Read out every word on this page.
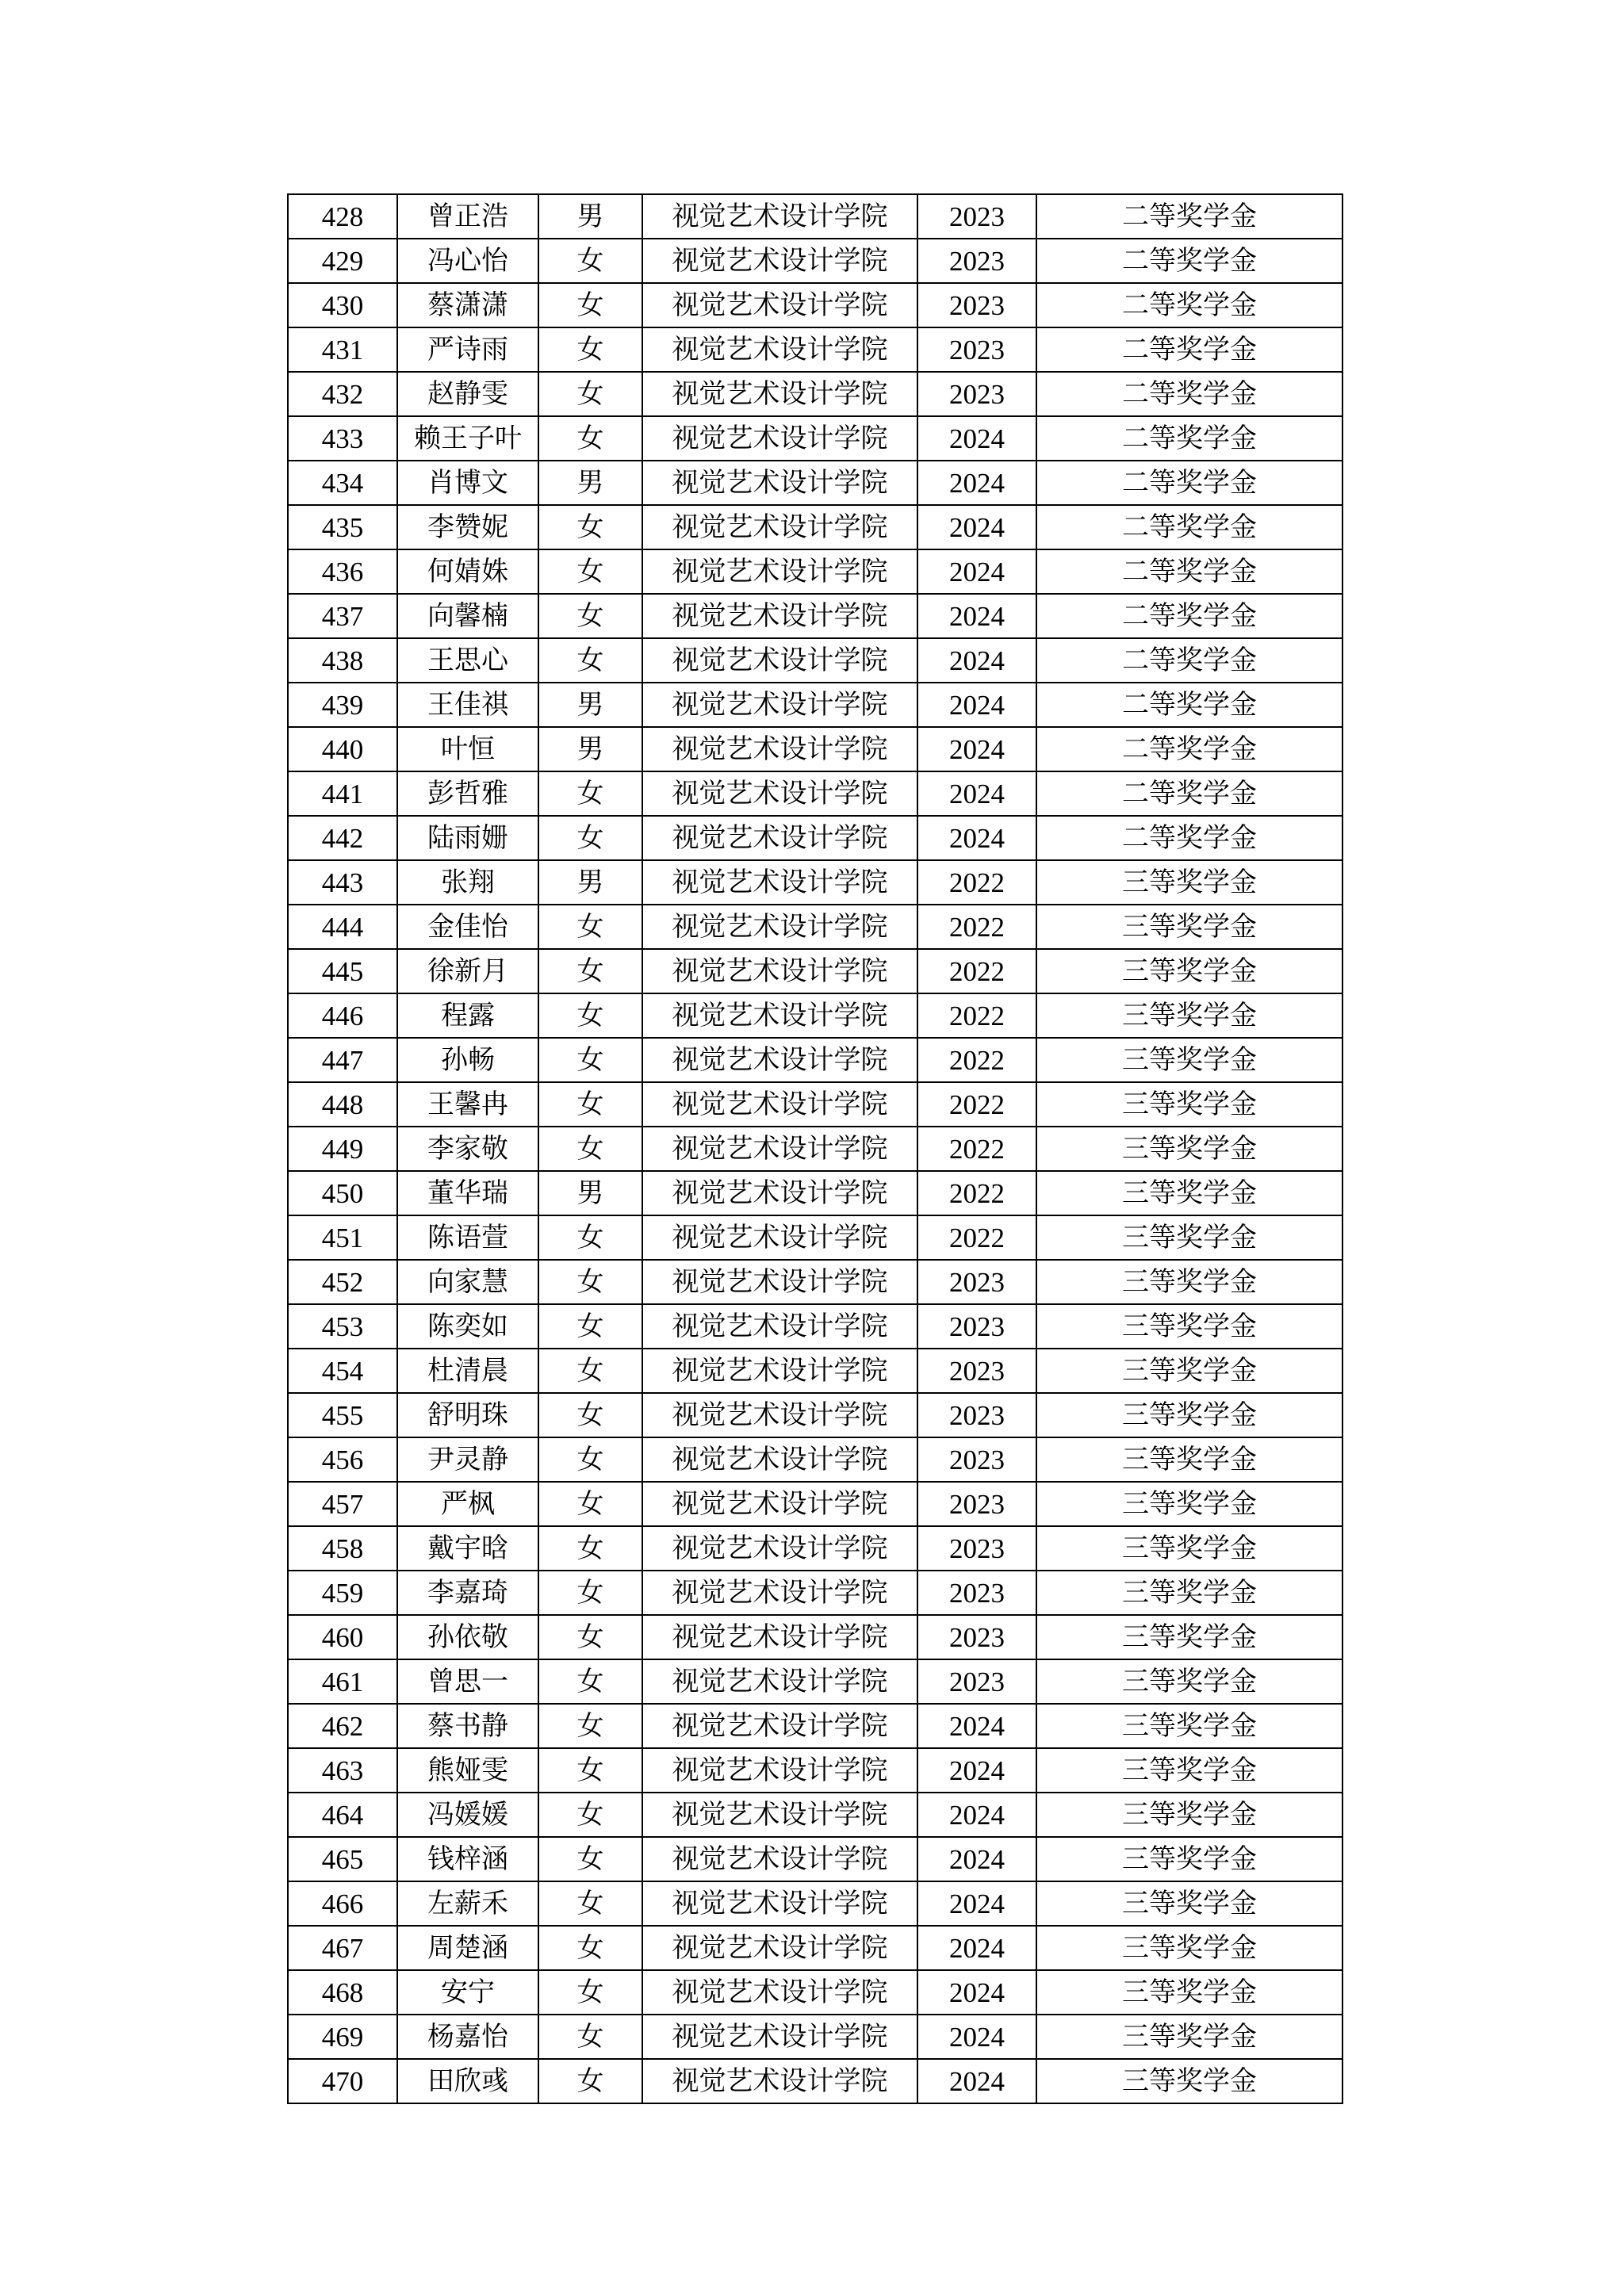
428	曾正浩	男	视觉艺术设计学院	2023	二等奖学金
429	冯心怡	女	视觉艺术设计学院	2023	二等奖学金
430	蔡潇潇	女	视觉艺术设计学院	2023	二等奖学金
431	严诗雨	女	视觉艺术设计学院	2023	二等奖学金
432	赵静雯	女	视觉艺术设计学院	2023	二等奖学金
433	赖王子叶	女	视觉艺术设计学院	2024	二等奖学金
434	肖博文	男	视觉艺术设计学院	2024	二等奖学金
435	李赞妮	女	视觉艺术设计学院	2024	二等奖学金
436	何婧姝	女	视觉艺术设计学院	2024	二等奖学金
437	向馨楠	女	视觉艺术设计学院	2024	二等奖学金
438	王思心	女	视觉艺术设计学院	2024	二等奖学金
439	王佳祺	男	视觉艺术设计学院	2024	二等奖学金
440	叶恒	男	视觉艺术设计学院	2024	二等奖学金
441	彭哲雅	女	视觉艺术设计学院	2024	二等奖学金
442	陆雨姗	女	视觉艺术设计学院	2024	二等奖学金
443	张翔	男	视觉艺术设计学院	2022	三等奖学金
444	金佳怡	女	视觉艺术设计学院	2022	三等奖学金
445	徐新月	女	视觉艺术设计学院	2022	三等奖学金
446	程露	女	视觉艺术设计学院	2022	三等奖学金
447	孙畅	女	视觉艺术设计学院	2022	三等奖学金
448	王馨冉	女	视觉艺术设计学院	2022	三等奖学金
449	李家敬	女	视觉艺术设计学院	2022	三等奖学金
450	董华瑞	男	视觉艺术设计学院	2022	三等奖学金
451	陈语萱	女	视觉艺术设计学院	2022	三等奖学金
452	向家慧	女	视觉艺术设计学院	2023	三等奖学金
453	陈奕如	女	视觉艺术设计学院	2023	三等奖学金
454	杜清晨	女	视觉艺术设计学院	2023	三等奖学金
455	舒明珠	女	视觉艺术设计学院	2023	三等奖学金
456	尹灵静	女	视觉艺术设计学院	2023	三等奖学金
457	严枫	女	视觉艺术设计学院	2023	三等奖学金
458	戴宇晗	女	视觉艺术设计学院	2023	三等奖学金
459	李嘉琦	女	视觉艺术设计学院	2023	三等奖学金
460	孙依敬	女	视觉艺术设计学院	2023	三等奖学金
461	曾思一	女	视觉艺术设计学院	2023	三等奖学金
462	蔡书静	女	视觉艺术设计学院	2024	三等奖学金
463	熊娅雯	女	视觉艺术设计学院	2024	三等奖学金
464	冯媛媛	女	视觉艺术设计学院	2024	三等奖学金
465	钱梓涵	女	视觉艺术设计学院	2024	三等奖学金
466	左薪禾	女	视觉艺术设计学院	2024	三等奖学金
467	周楚涵	女	视觉艺术设计学院	2024	三等奖学金
468	安宁	女	视觉艺术设计学院	2024	三等奖学金
469	杨嘉怡	女	视觉艺术设计学院	2024	三等奖学金
470	田欣彧	女	视觉艺术设计学院	2024	三等奖学金
